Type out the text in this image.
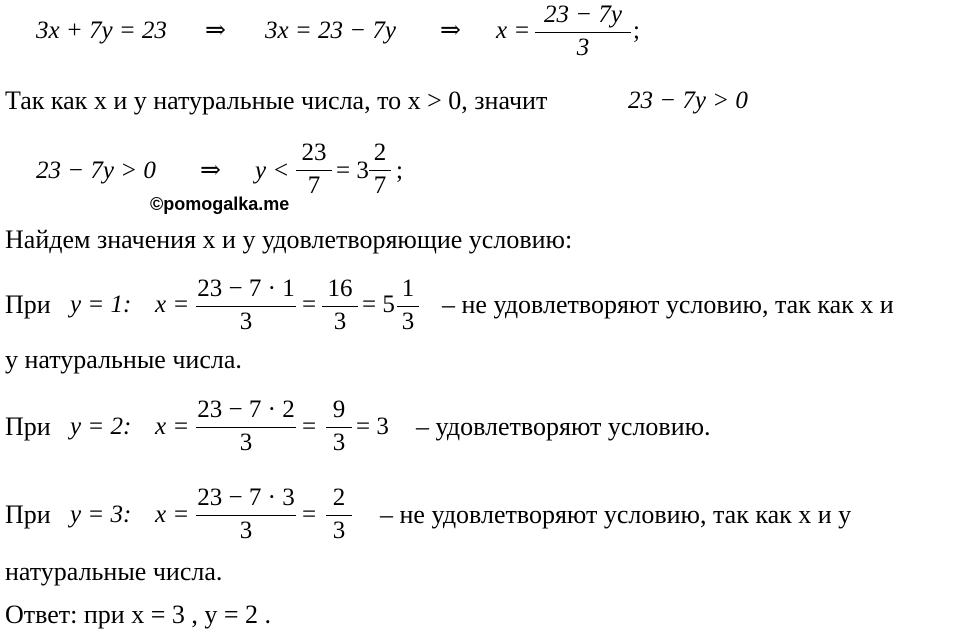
3x + 7y = 23 ⇒ 3x = 23 − 7y ⇒ x =
23 − 7y
3
;
Так как x и y натуральные числа, то x > 0, значит	23 − 7y > 0
23 − 7y > 0 ⇒ y <
23
7
= 3
2
7
;
©pomogalka.me
Найдем значения x и y удовлетворяющие условию:
При y = 1: x =
23 − 7 · 1
3
=
16
3
= 5
1
3
– не удовлетворяют условию, так как x и
y натуральные числа.
При y = 2: x =
23 − 7 · 2
3
=
9
3
= 3 – удовлетворяют условию.
При y = 3: x =
23 − 7 · 3
3
=
2
3
– не удовлетворяют условию, так как x и y
натуральные числа.
Ответ: при x = 3 , y = 2 .
